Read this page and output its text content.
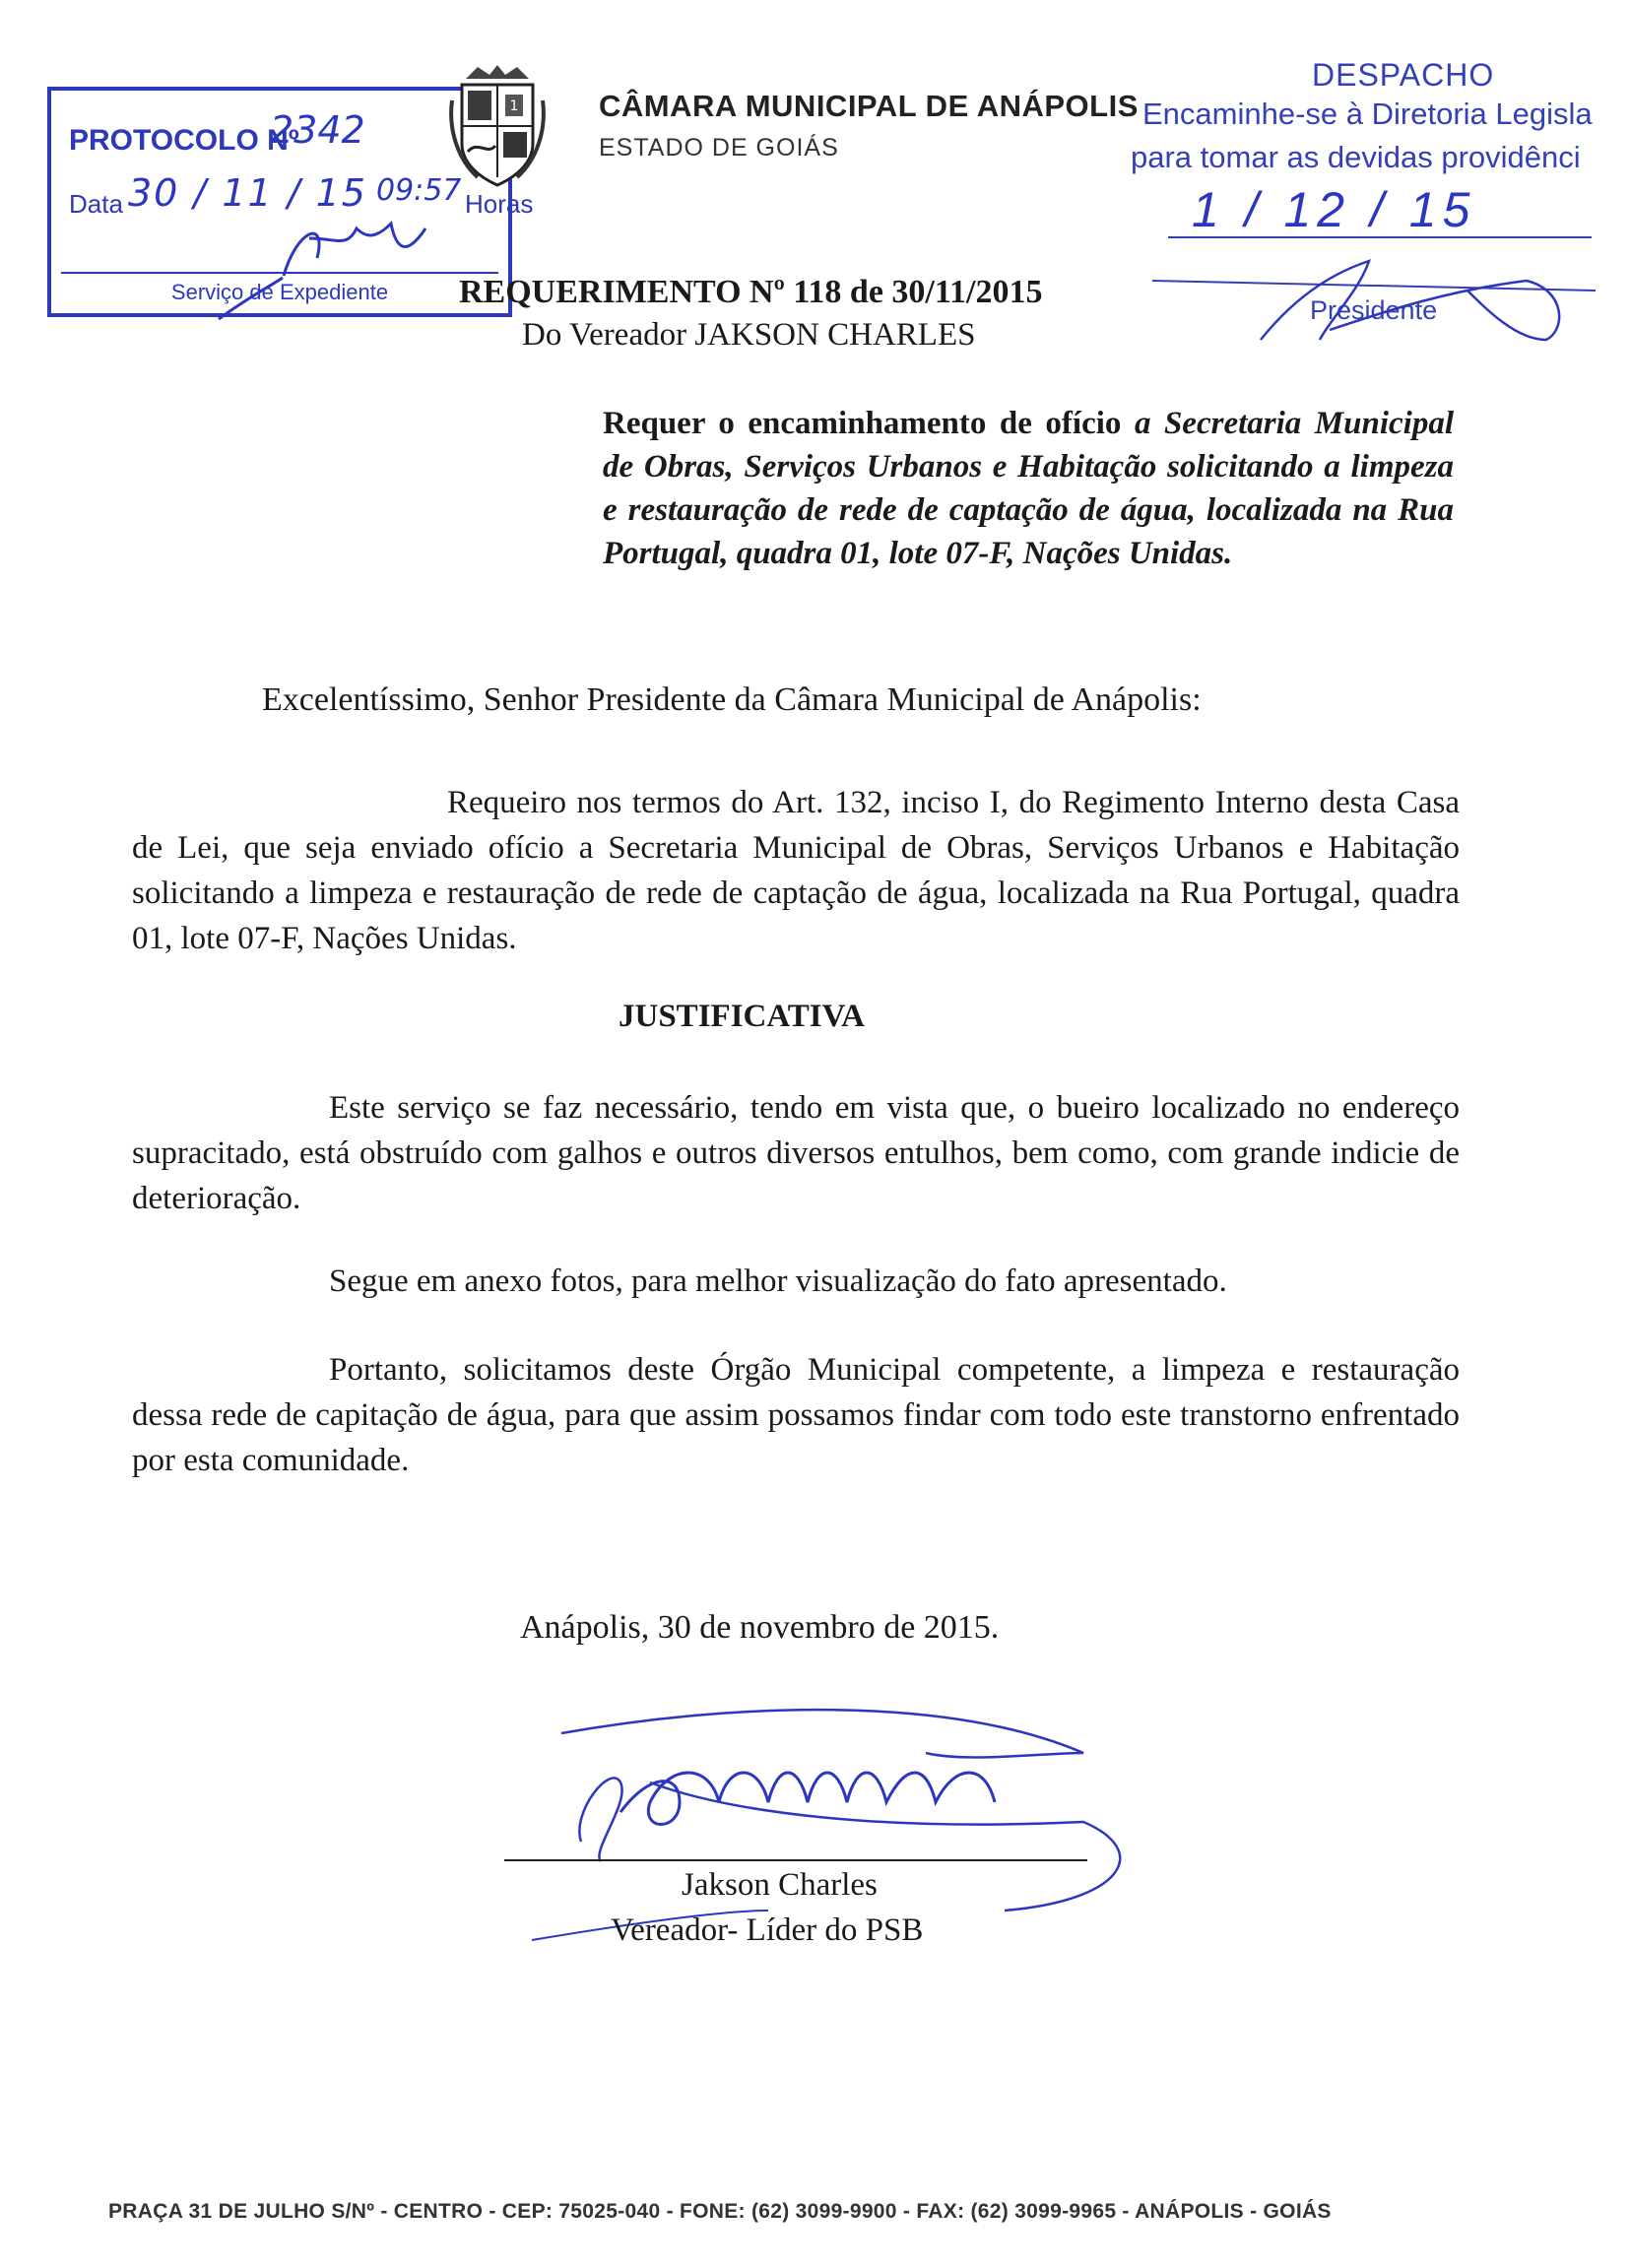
PROTOCOLO Nº
2342
Data 30 / 11 / 15 09:57 Horas
Serviço de Expediente
1	CÂMARA MUNICIPAL DE ANÁPOLIS
ESTADO DE GOIÁS
DESPACHO
Encaminhe-se à Diretoria Legisla
para tomar as devidas providênci
1 / 12 / 15
Presidente
REQUERIMENTO Nº 118 de 30/11/2015
Do Vereador JAKSON CHARLES
Requer o encaminhamento de ofício a Secretaria Municipal de Obras, Serviços Urbanos e Habitação solicitando a limpeza e restauração de rede de captação de água, localizada na Rua Portugal, quadra 01, lote 07-F, Nações Unidas.
Excelentíssimo, Senhor Presidente da Câmara Municipal de Anápolis:
Requeiro nos termos do Art. 132, inciso I, do Regimento Interno desta Casa de Lei, que seja enviado ofício a Secretaria Municipal de Obras, Serviços Urbanos e Habitação solicitando a limpeza e restauração de rede de captação de água, localizada na Rua Portugal, quadra 01, lote 07-F, Nações Unidas.
JUSTIFICATIVA
Este serviço se faz necessário, tendo em vista que, o bueiro localizado no endereço supracitado, está obstruído com galhos e outros diversos entulhos, bem como, com grande indicie de deterioração.
Segue em anexo fotos, para melhor visualização do fato apresentado.
Portanto, solicitamos deste Órgão Municipal competente, a limpeza e restauração dessa rede de capitação de água, para que assim possamos findar com todo este transtorno enfrentado por esta comunidade.
Anápolis, 30 de novembro de 2015.
Jakson Charles
Vereador- Líder do PSB
PRAÇA 31 DE JULHO S/Nº - CENTRO - CEP: 75025-040 - FONE: (62) 3099-9900 - FAX: (62) 3099-9965 - ANÁPOLIS - GOIÁS
